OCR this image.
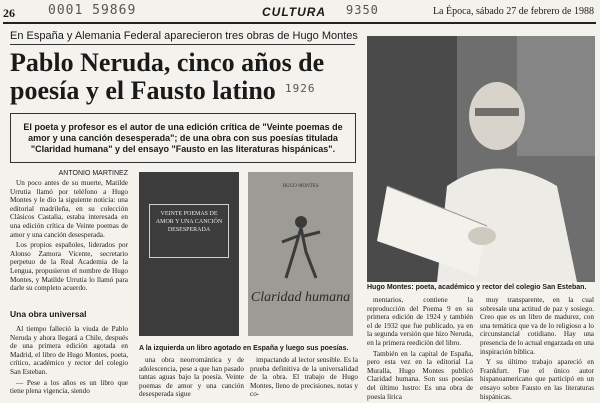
26	0001 59869	CULTURA 9350	La Época, sábado 27 de febrero de 1988
En España y Alemania Federal aparecieron tres obras de Hugo Montes
Pablo Neruda, cinco años de
poesía y el Fausto latino 1926
El poeta y profesor es el autor de una edición crítica de "Veinte poemas de amor y una canción desesperada"; de una obra con sus poesías titulada "Claridad humana" y del ensayo "Fausto en las literaturas hispánicas".
Hugo Montes: poeta, académico y rector del colegio San Esteban.
ANTONIO MARTINEZ

Un poco antes de su muerte, Matilde Urrutia llamó por teléfono a Hugo Montes y le dio la siguiente noticia: una editorial madrileña, en su colección Clásicos Castalia, estaba interesada en una edición crítica de Veinte poemas de amor y una canción desesperada.

Los propios españoles, liderados por Alonso Zamora Vicente, secretario perpetuo de la Real Academia de la Lengua, propusieron el nombre de Hugo Montes, y Matilde Urrutia lo llamó para darle su completo acuerdo.

Una obra universal

Al tiempo falleció la viuda de Pablo Neruda y ahora llegará a Chile, después de una primera edición agotada en Madrid, el libro de Hugo Montes, poeta, crítico, académico y rector del colegio San Esteban.

— Pese a los años es un libro que tiene plena vigencia, siendo

VEINTE POEMAS DE AMOR Y UNA CANCIÓN DESESPERADA
HUGO MONTES
Claridad humana
A la izquierda un libro agotado en España y luego sus poesías.

una obra neorromántica y de adolescencia, pese a que han pasado tantas aguas bajo la poesía. Veinte poemas de amor y una canción desesperada sigue

impactando al lector sensible. Es la prueba definitiva de la universalidad de la obra. El trabajo de Hugo Montes, lleno de precisiones, notas y co-

mentarios, contiene la reproducción del Poema 9 en su primera edición de 1924 y también el de 1932 que fue publicado, ya en la segunda versión que hizo Neruda, en la primera reedición del libro.

También en la capital de España, pero esta vez en la editorial La Muralla, Hugo Montes publicó Claridad humana. Son sus poesías del último lustro: Es una obra de poesía lírica

muy transparente, en la cual sobresale una actitud de paz y sosiego. Creo que es un libro de madurez, con una temática que va de lo religioso a lo circunstancial cotidiano. Hay una presencia de lo actual engarzada en una inspiración bíblica.

Y su último trabajo apareció en Frankfurt. Fue el único autor hispanoamericano que participó en un ensayo sobre Fausto en las literaturas hispánicas.
